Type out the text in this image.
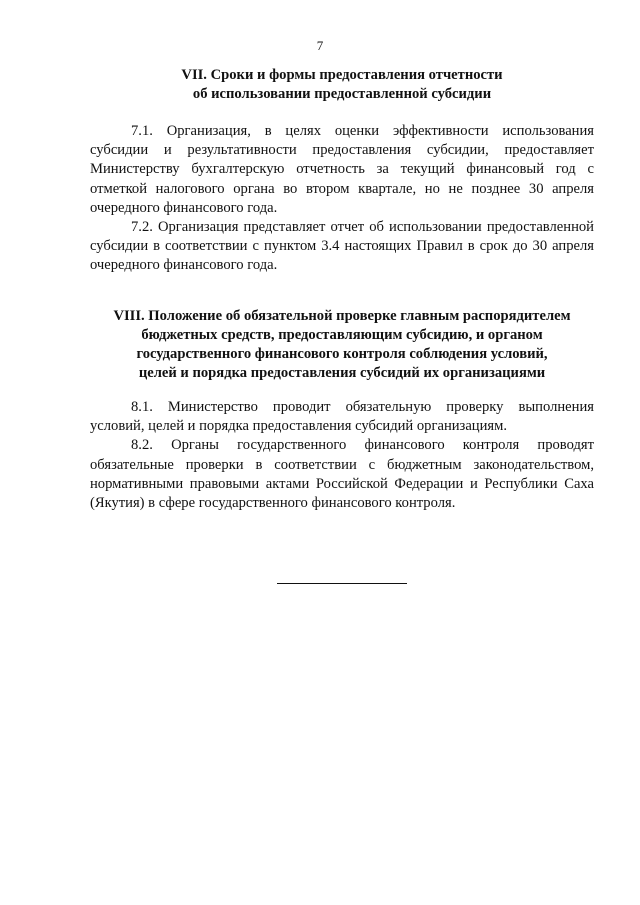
7
VII. Сроки и формы предоставления отчетности
об использовании предоставленной субсидии

7.1. Организация, в целях оценки эффективности использования субсидии и результативности предоставления субсидии, предоставляет Министерству бухгалтерскую отчетность за текущий финансовый год с отметкой налогового органа во втором квартале, но не позднее 30 апреля очередного финансового года.

7.2. Организация представляет отчет об использовании предоставленной субсидии в соответствии с пунктом 3.4 настоящих Правил в срок до 30 апреля очередного финансового года.

VIII. Положение об обязательной проверке главным распорядителем
бюджетных средств, предоставляющим субсидию, и органом
государственного финансового контроля соблюдения условий,
целей и порядка предоставления субсидий их организациями

8.1. Министерство проводит обязательную проверку выполнения условий, целей и порядка предоставления субсидий организациям.

8.2. Органы государственного финансового контроля проводят обязательные проверки в соответствии с бюджетным законодательством, нормативными правовыми актами Российской Федерации и Республики Саха (Якутия) в сфере государственного финансового контроля.
